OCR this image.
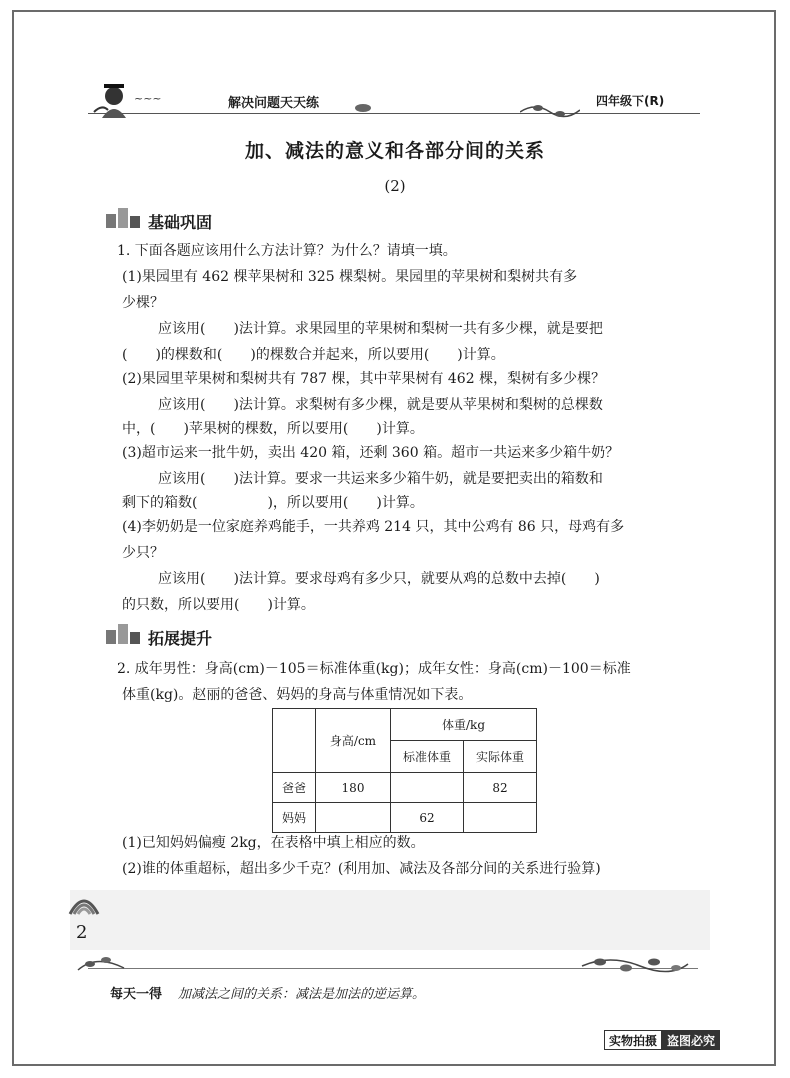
~~~	解决问题天天练	四年级下(R)
加、减法的意义和各部分间的关系
(2)
基础巩固
1. 下面各题应该用什么方法计算？为什么？请填一填。
(1)果园里有 462 棵苹果树和 325 棵梨树。果园里的苹果树和梨树共有多
少棵？
应该用(　　)法计算。求果园里的苹果树和梨树一共有多少棵，就是要把
(　　)的棵数和(　　)的棵数合并起来，所以要用(　　)计算。
(2)果园里苹果树和梨树共有 787 棵，其中苹果树有 462 棵，梨树有多少棵？
应该用(　　)法计算。求梨树有多少棵，就是要从苹果树和梨树的总棵数
中，(　　)苹果树的棵数，所以要用(　　)计算。
(3)超市运来一批牛奶，卖出 420 箱，还剩 360 箱。超市一共运来多少箱牛奶？
应该用(　　)法计算。要求一共运来多少箱牛奶，就是要把卖出的箱数和
剩下的箱数(　　　　　)，所以要用(　　)计算。
(4)李奶奶是一位家庭养鸡能手，一共养鸡 214 只，其中公鸡有 86 只，母鸡有多
少只？
应该用(　　)法计算。要求母鸡有多少只，就要从鸡的总数中去掉(　　)
的只数，所以要用(　　)计算。
拓展提升
2. 成年男性：身高(cm)－105＝标准体重(kg)；成年女性：身高(cm)－100＝标准
体重(kg)。赵丽的爸爸、妈妈的身高与体重情况如下表。
	身高/cm	体重/kg	
		标准体重	实际体重
爸爸	180		82
妈妈		62	
(1)已知妈妈偏瘦 2kg，在表格中填上相应的数。
(2)谁的体重超标，超出多少千克？(利用加、减法及各部分间的关系进行验算)
2
每天一得 加减法之间的关系：减法是加法的逆运算。
实物拍摄 盗图必究
